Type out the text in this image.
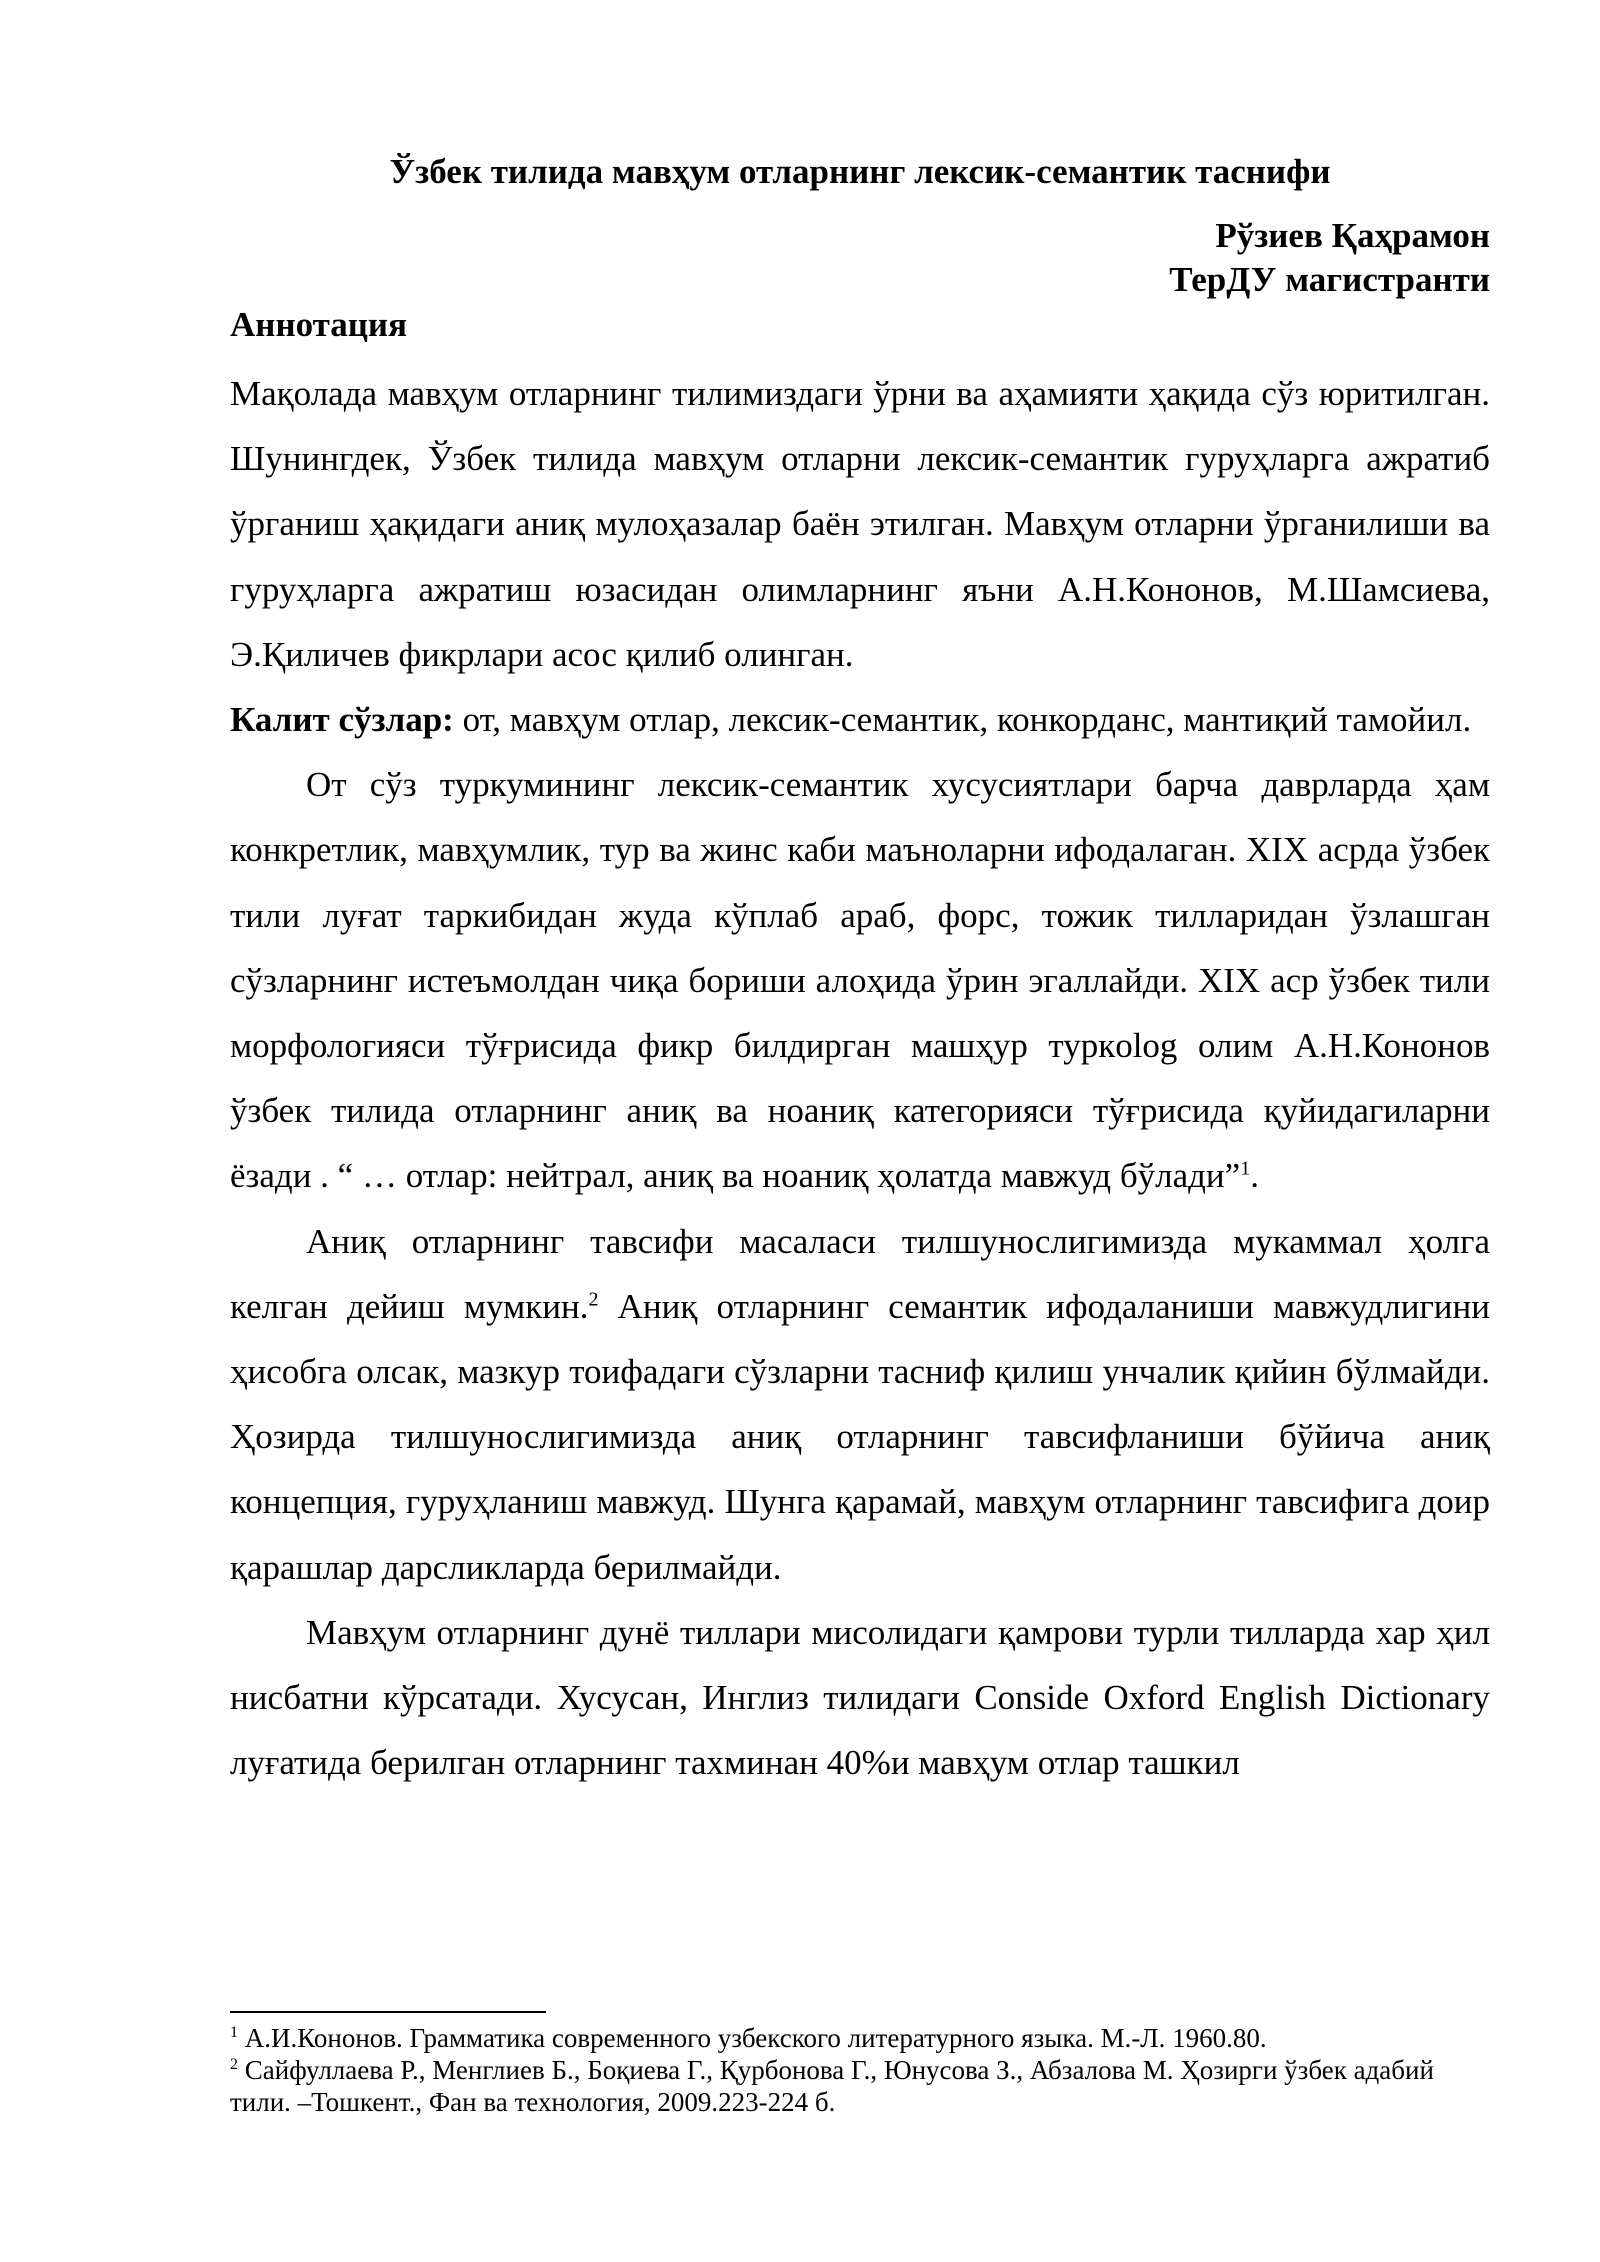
Ўзбек тилида мавҳум отларнинг лексик-семантик таснифи
Рўзиев Қаҳрамон
ТерДУ магистранти
Аннотация

Мақолада мавҳум отларнинг тилимиздаги ўрни ва аҳамияти ҳақида сўз юритилган. Шунингдек, Ўзбек тилида мавҳум отларни лексик-семантик гуруҳларга ажратиб ўрганиш ҳақидаги аниқ мулоҳазалар баён этилган. Мавҳум отларни ўрганилиши ва гуруҳларга ажратиш юзасидан олимларнинг яъни А.Н.Кононов, М.Шамсиева, Э.Қиличев фикрлари асос қилиб олинган.

Калит сўзлар: от, мавҳум отлар, лексик-семантик, конкорданс, мантиқий тамойил.

От сўз туркумининг лексик-семантик хусусиятлари барча даврларда ҳам конкретлик, мавҳумлик, тур ва жинс каби маъноларни ифодалаган. XIX асрда ўзбек тили луғат таркибидан жуда кўплаб араб, форс, тожик тилларидан ўзлашган сўзларнинг истеъмолдан чиқа бориши алоҳида ўрин эгаллайди. XIX аср ўзбек тили морфологияси тўғрисида фикр билдирган машҳур туркolog олим А.Н.Кононов ўзбек тилида отларнинг аниқ ва ноаниқ категорияси тўғрисида қуйидагиларни ёзади . “ … отлар: нейтрал, аниқ ва ноаниқ ҳолатда мавжуд бўлади”$^1$.

Аниқ отларнинг тавсифи масаласи тилшунослигимизда мукаммал ҳолга келган дейиш мумкин.$^2$ Аниқ отларнинг семантик ифодаланиши мавжудлигини ҳисобга олсак, мазкур тоифадаги сўзларни тасниф қилиш унчалик қийин бўлмайди. Ҳозирда тилшунослигимизда аниқ отларнинг тавсифланиши бўйича аниқ концепция, гуруҳланиш мавжуд. Шунга қарамай, мавҳум отларнинг тавсифига доир қарашлар дарсликларда берилмайди.

Мавҳум отларнинг дунё тиллари мисолидаги қамрови турли тилларда хар ҳил нисбатни кўрсатади. Хусусан, Инглиз тилидаги Conside Oxford English Dictionary луғатида берилган отларнинг тахминан 40%и мавҳум отлар ташкил

$^1$ А.И.Кононов. Грамматика современного узбекского литературного языка. М.-Л. 1960.80.

$^2$ Сайфуллаева Р., Менглиев Б., Боқиева Г., Қурбонова Г., Юнусова З., Абзалова М. Ҳозирги ўзбек адабий тили. –Тошкент., Фан ва технология, 2009.223-224 б.
